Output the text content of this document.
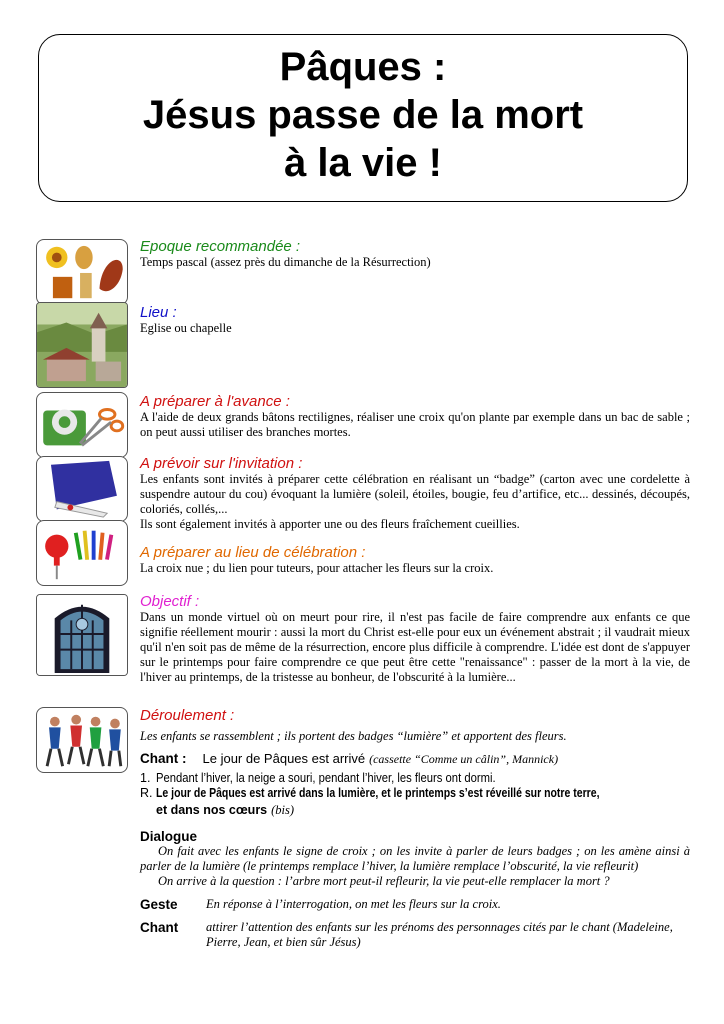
Pâques :
Jésus passe de la mort
à la vie !
Epoque recommandée :
Temps pascal (assez près du dimanche de la Résurrection)
Lieu :
Eglise ou chapelle
A préparer à l'avance :
A l'aide de deux grands bâtons rectilignes, réaliser une croix qu'on plante par exemple dans un bac de sable ; on peut aussi utiliser des branches mortes.
A prévoir sur l'invitation :
Les enfants sont invités à préparer cette célébration en réalisant un “badge” (carton avec une cordelette à suspendre autour du cou) évoquant la lumière (soleil, étoiles, bougie, feu d’artifice, etc... dessinés, découpés, coloriés, collés,...
Ils sont également invités à apporter une ou des fleurs fraîchement cueillies.
A préparer au lieu de célébration :
La croix nue ; du lien pour tuteurs, pour attacher les fleurs sur la croix.
Objectif :
Dans un monde virtuel où on meurt pour rire, il n'est pas facile de faire comprendre aux enfants ce que signifie réellement mourir : aussi la mort du Christ est-elle pour eux un événement abstrait ; il vaudrait mieux qu'il n'en soit pas de même de la résurrection, encore plus difficile à comprendre. L'idée est dont de s'appuyer sur le printemps pour faire comprendre ce que peut être cette "renaissance" : passer de la mort à la vie, de l'hiver au printemps, de la tristesse au bonheur, de l'obscurité à la lumière...
Déroulement :
Les enfants se rassemblent ; ils portent des badges “lumière” et apportent des fleurs.
Chant : Le jour de Pâques est arrivé (cassette “Comme un câlin”, Mannick)
1. Pendant l’hiver, la neige a souri, pendant l’hiver, les fleurs ont dormi.
R. Le jour de Pâques est arrivé dans la lumière, et le printemps s’est réveillé sur notre terre,
et dans nos cœurs (bis)
Dialogue
On fait avec les enfants le signe de croix ; on les invite à parler de leurs badges ; on les amène ainsi à parler de la lumière (le printemps remplace l’hiver, la lumière remplace l’obscurité, la vie refleurit)
On arrive à la question : l’arbre mort peut-il refleurir, la vie peut-elle remplacer la mort ?
Geste	En réponse à l’interrogation, on met les fleurs sur la croix.
Chant	attirer l’attention des enfants sur les prénoms des personnages cités par le chant (Madeleine, Pierre, Jean, et bien sûr Jésus)
